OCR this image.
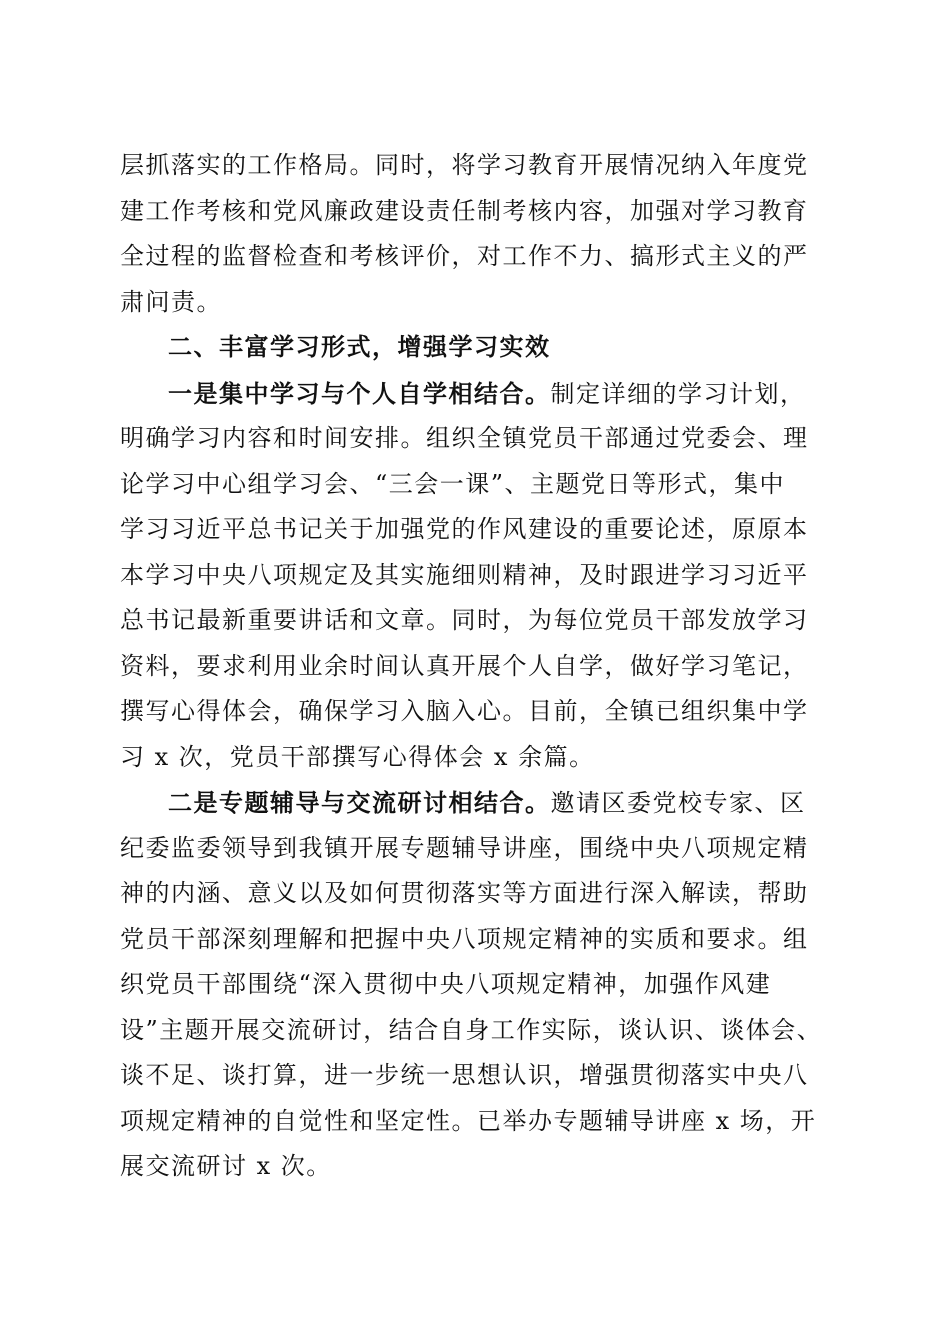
层抓落实的工作格局。同时，将学习教育开展情况纳入年度党
建工作考核和党风廉政建设责任制考核内容，加强对学习教育
全过程的监督检查和考核评价，对工作不力、搞形式主义的严
肃问责。
二、丰富学习形式，增强学习实效
一是集中学习与个人自学相结合。制定详细的学习计划，
明确学习内容和时间安排。组织全镇党员干部通过党委会、理
论学习中心组学习会、“三会一课”、主题党日等形式，集中
学习习近平总书记关于加强党的作风建设的重要论述，原原本
本学习中央八项规定及其实施细则精神，及时跟进学习习近平
总书记最新重要讲话和文章。同时，为每位党员干部发放学习
资料，要求利用业余时间认真开展个人自学，做好学习笔记，
撰写心得体会，确保学习入脑入心。目前，全镇已组织集中学
习 x 次，党员干部撰写心得体会 x 余篇。
二是专题辅导与交流研讨相结合。邀请区委党校专家、区
纪委监委领导到我镇开展专题辅导讲座，围绕中央八项规定精
神的内涵、意义以及如何贯彻落实等方面进行深入解读，帮助
党员干部深刻理解和把握中央八项规定精神的实质和要求。组
织党员干部围绕“深入贯彻中央八项规定精神，加强作风建
设”主题开展交流研讨，结合自身工作实际，谈认识、谈体会、
谈不足、谈打算，进一步统一思想认识，增强贯彻落实中央八
项规定精神的自觉性和坚定性。已举办专题辅导讲座 x 场，开
展交流研讨 x 次。
